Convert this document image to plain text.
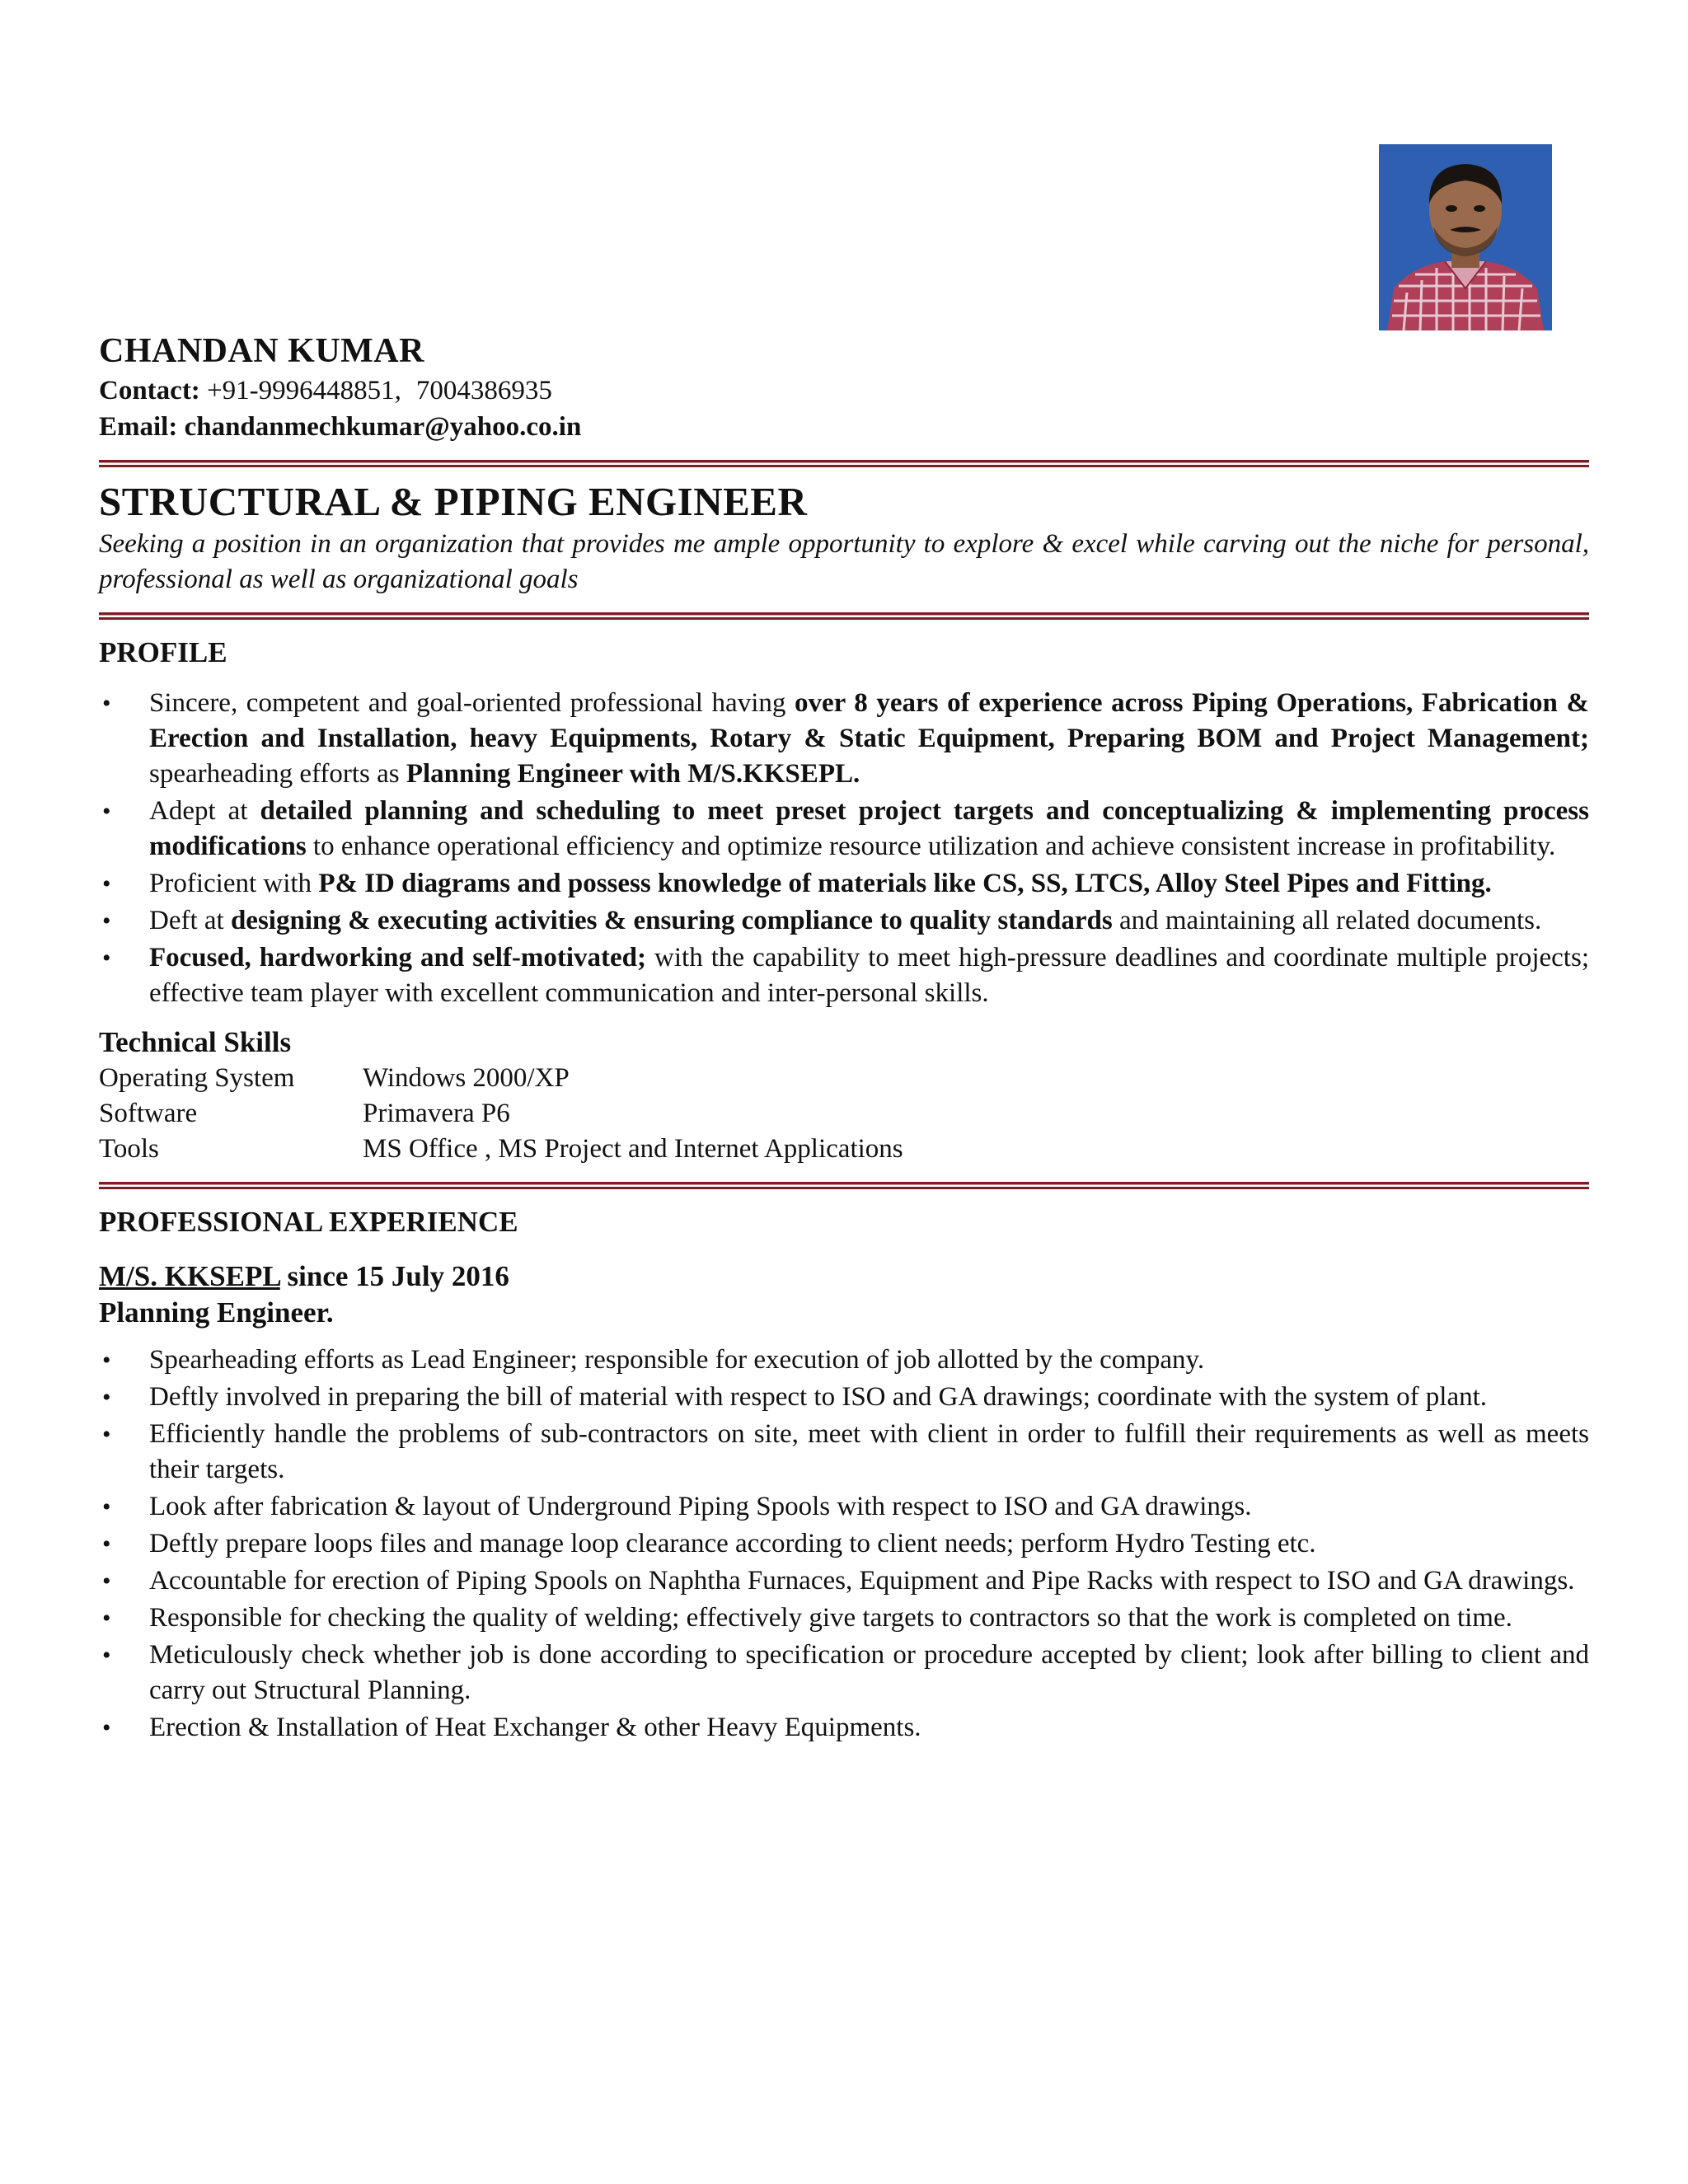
CHANDAN KUMAR

Contact: +91-9996448851, 7004386935

Email: chandanmechkumar@yahoo.co.in

STRUCTURAL & PIPING ENGINEER

Seeking a position in an organization that provides me ample opportunity to explore & excel while carving out the niche for personal, professional as well as organizational goals

PROFILE
• Sincere, competent and goal-oriented professional having over 8 years of experience across Piping Operations, Fabrication & Erection and Installation, heavy Equipments, Rotary & Static Equipment, Preparing BOM and Project Management; spearheading efforts as Planning Engineer with M/S.KKSEPL.
• Adept at detailed planning and scheduling to meet preset project targets and conceptualizing & implementing process modifications to enhance operational efficiency and optimize resource utilization and achieve consistent increase in profitability.
• Proficient with P& ID diagrams and possess knowledge of materials like CS, SS, LTCS, Alloy Steel Pipes and Fitting.
• Deft at designing & executing activities & ensuring compliance to quality standards and maintaining all related documents.
• Focused, hardworking and self-motivated; with the capability to meet high-pressure deadlines and coordinate multiple projects; effective team player with excellent communication and inter-personal skills.
Technical Skills
Operating System	Windows 2000/XP
Software	Primavera P6
Tools	MS Office , MS Project and Internet Applications
PROFESSIONAL EXPERIENCE
M/S. KKSEPL since 15 July 2016
Planning Engineer.
• Spearheading efforts as Lead Engineer; responsible for execution of job allotted by the company.
• Deftly involved in preparing the bill of material with respect to ISO and GA drawings; coordinate with the system of plant.
• Efficiently handle the problems of sub-contractors on site, meet with client in order to fulfill their requirements as well as meets their targets.
• Look after fabrication & layout of Underground Piping Spools with respect to ISO and GA drawings.
• Deftly prepare loops files and manage loop clearance according to client needs; perform Hydro Testing etc.
• Accountable for erection of Piping Spools on Naphtha Furnaces, Equipment and Pipe Racks with respect to ISO and GA drawings.
• Responsible for checking the quality of welding; effectively give targets to contractors so that the work is completed on time.
• Meticulously check whether job is done according to specification or procedure accepted by client; look after billing to client and carry out Structural Planning.
• Erection & Installation of Heat Exchanger & other Heavy Equipments.
